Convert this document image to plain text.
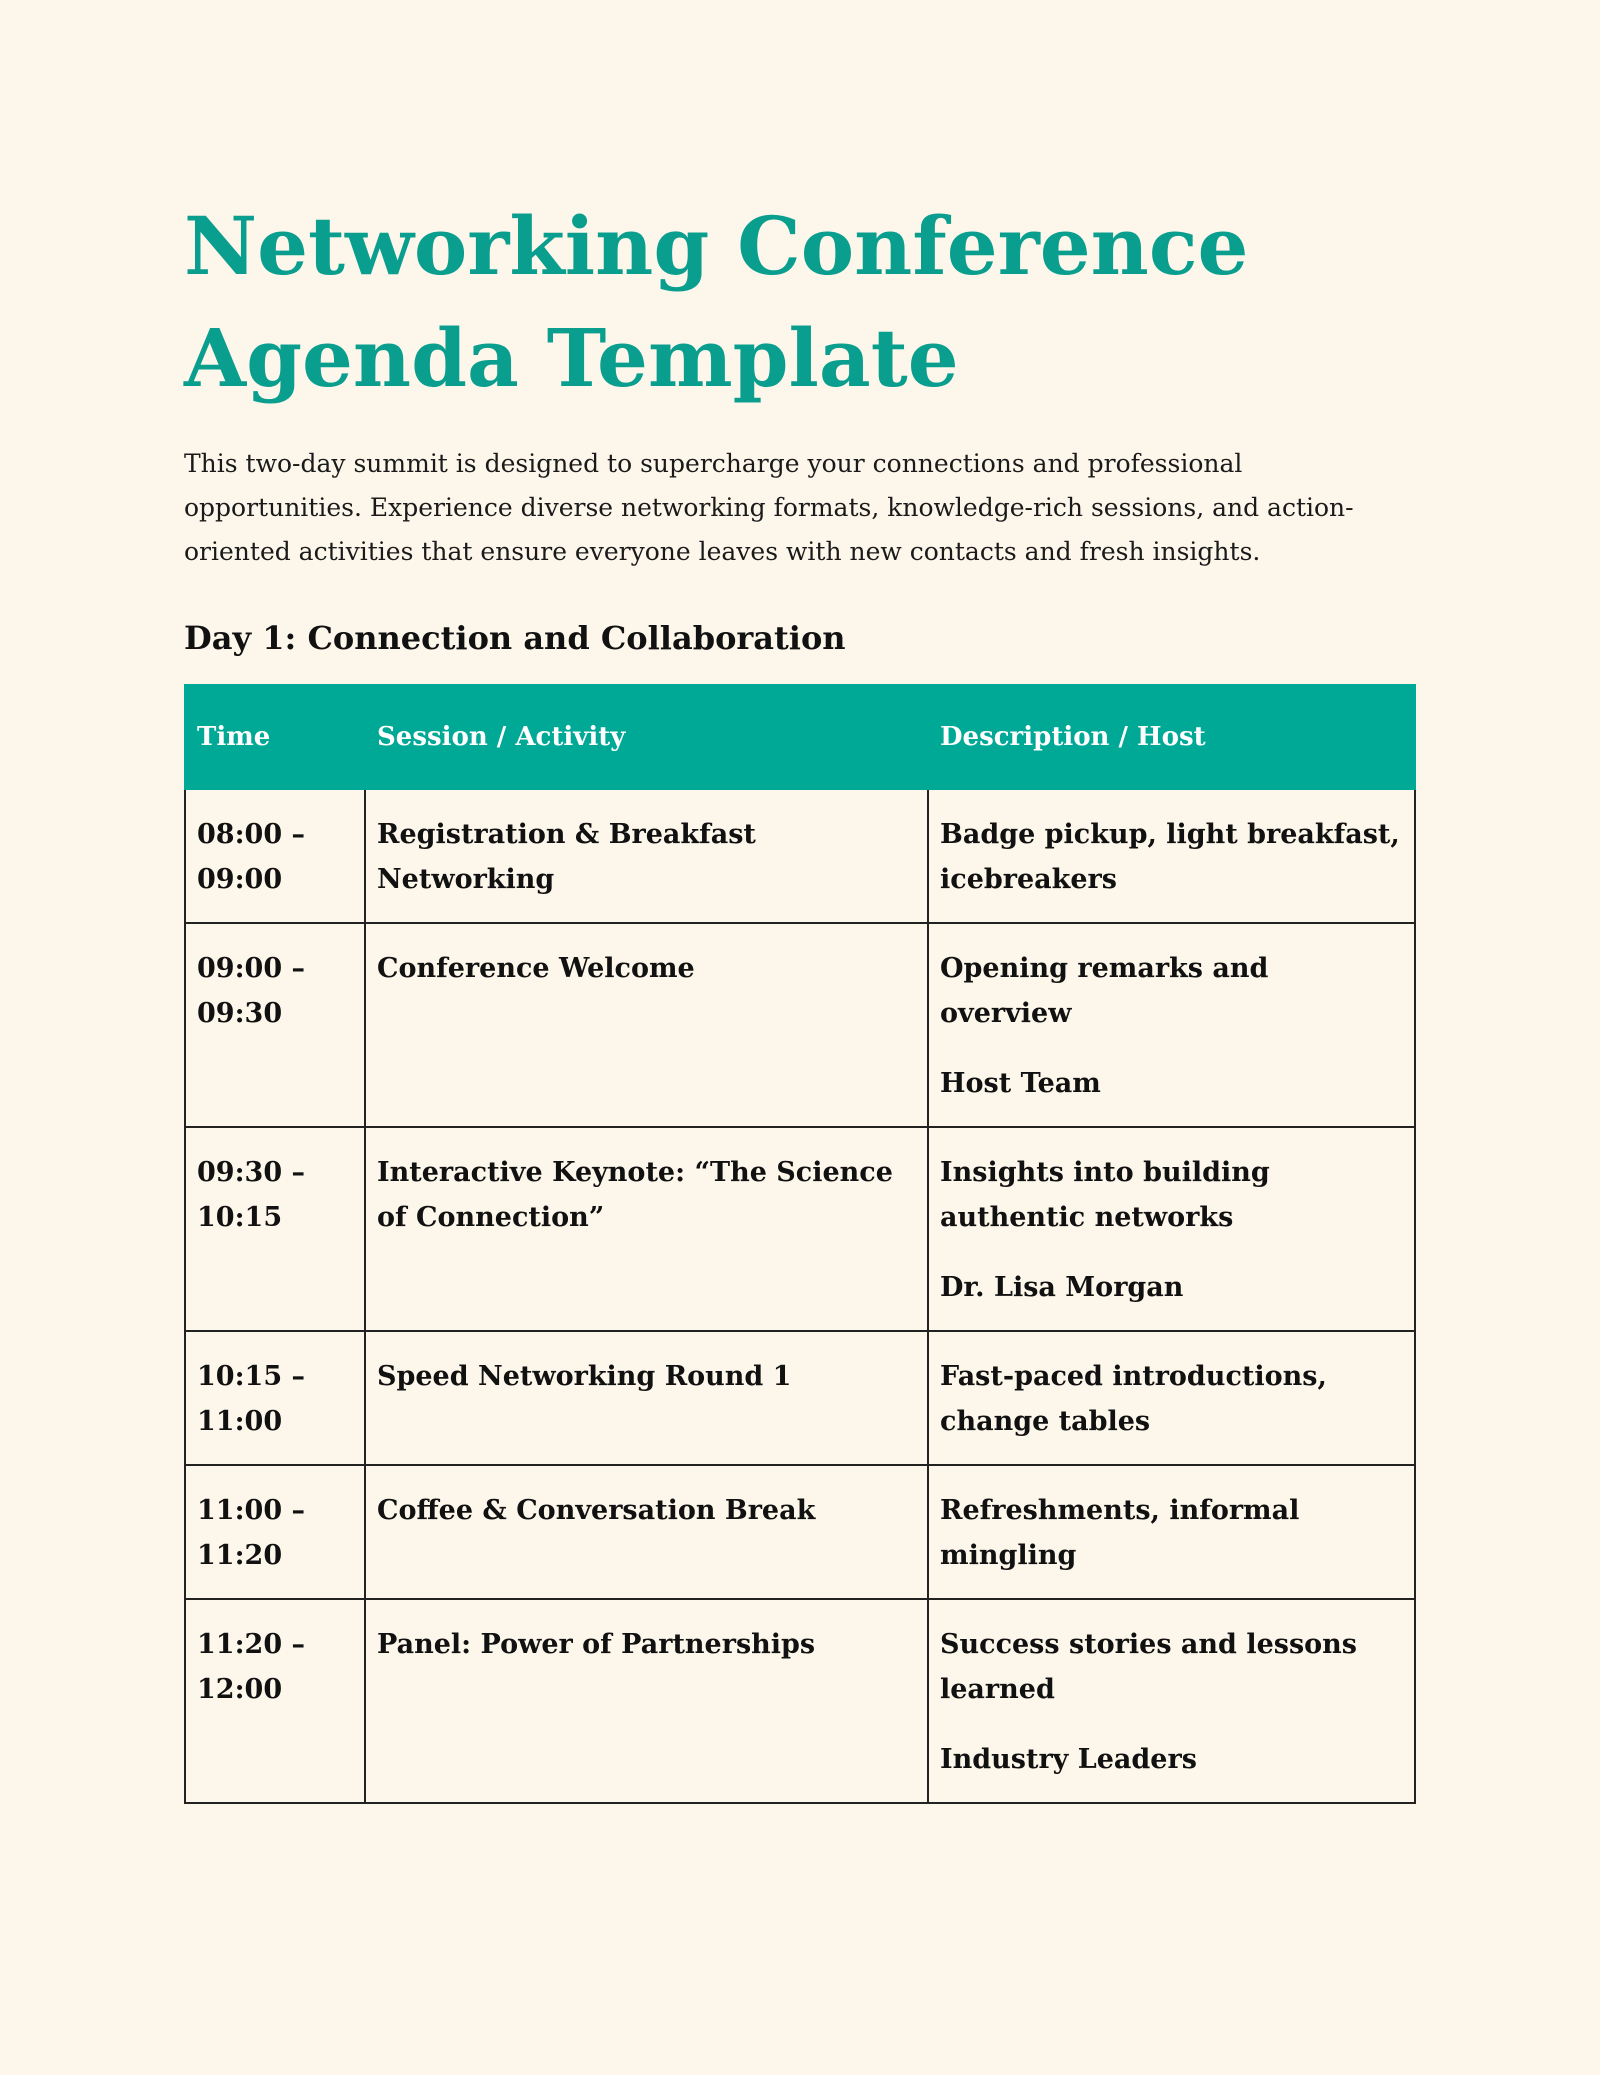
Networking Conference
Agenda Template

This two-day summit is designed to supercharge your connections and professional opportunities. Experience diverse networking formats, knowledge-rich sessions, and action-oriented activities that ensure everyone leaves with new contacts and fresh insights.

Day 1: Connection and Collaboration
Time	Session / Activity	Description / Host
08:00 – 09:00	Registration & Breakfast Networking	Badge pickup, light breakfast, icebreakers

09:00 – 09:30	Conference Welcome	Opening remarks and overview

Host Team

09:30 – 10:15	Interactive Keynote: “The Science of Connection”	Insights into building authentic networks

Dr. Lisa Morgan

10:15 – 11:00	Speed Networking Round 1	Fast-paced introductions, change tables

11:00 – 11:20	Coffee & Conversation Break	Refreshments, informal mingling

11:20 – 12:00	Panel: Power of Partnerships	Success stories and lessons learned

Industry Leaders
